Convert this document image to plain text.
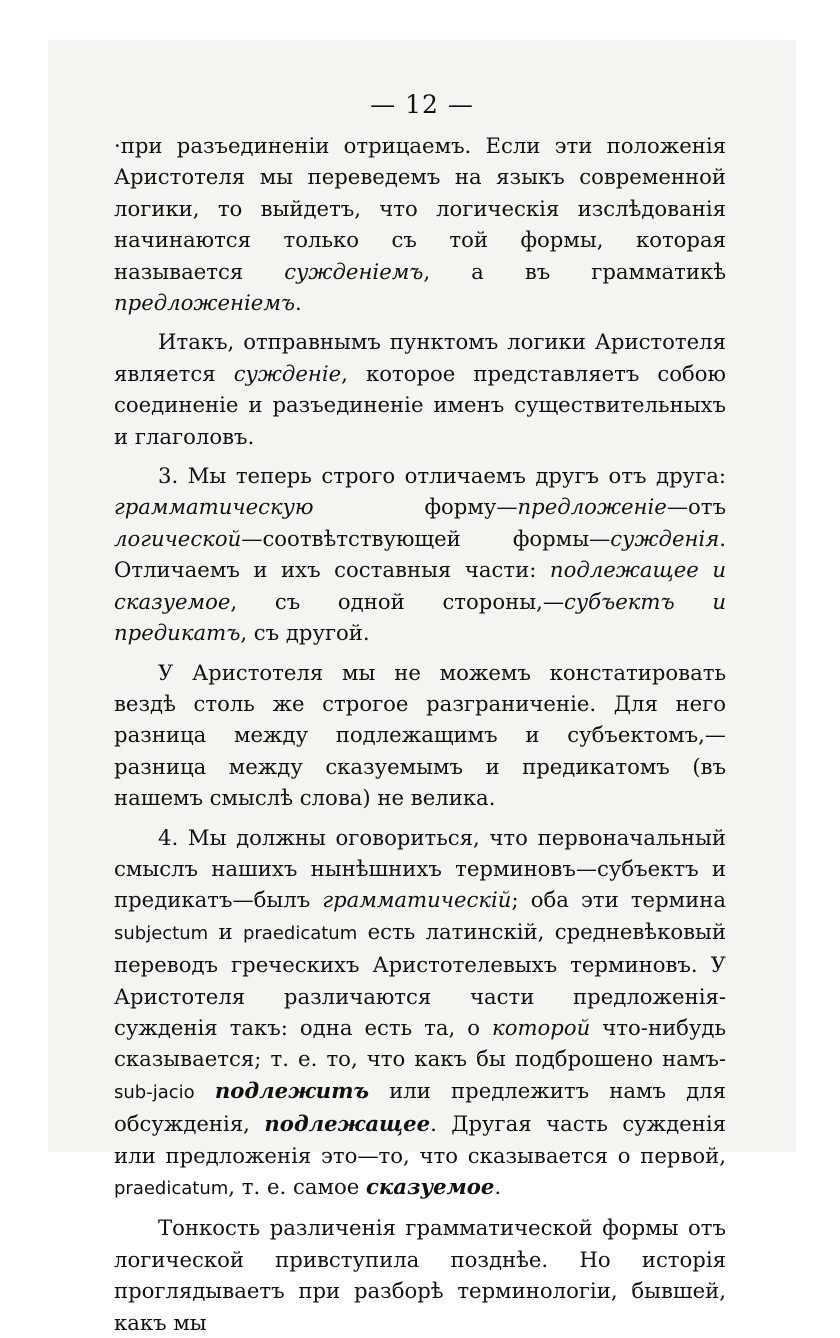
— 12 —

·при разъединенiи отрицаемъ. Если эти положенiя Аристотеля мы переведемъ на языкъ современной логики, то выйдетъ, что логическiя изслѣдованiя начинаются только съ той формы, которая называется сужденiемъ, а въ грамматикѣ предложенiемъ.

Итакъ, отправнымъ пунктомъ логики Аристотеля является сужденiе, которое представляетъ собою соединенiе и разъединенiе именъ существительныхъ и глаголовъ.

3. Мы теперь строго отличаемъ другъ отъ друга: грамматическую форму—предложенiе—отъ логической—соотвѣтствующей формы—сужденiя. Отличаемъ и ихъ составныя части: подлежащее и сказуемое, съ одной стороны,—субъектъ и предикатъ, съ другой.

У Аристотеля мы не можемъ констатировать вездѣ столь же строгое разграниченiе. Для него разница между подлежащимъ и субъектомъ,—разница между сказуемымъ и предикатомъ (въ нашемъ смыслѣ слова) не велика.

4. Мы должны оговориться, что первоначальный смыслъ нашихъ нынѣшнихъ терминовъ—субъектъ и предикатъ—былъ грамматическiй; оба эти термина subjectum и praedicatum есть латинскiй, средневѣковый переводъ греческихъ Аристотелевыхъ терминовъ. У Аристотеля различаются части предложенiя-сужденiя такъ: одна есть та, о которой что-нибудь сказывается; т. е. то, что какъ бы подброшено намъ-sub-jacio подлежитъ или предлежитъ намъ для обсужденiя, подлежащее. Другая часть сужденiя или предложенiя это—то, что сказывается о первой, praedicatum, т. е. самое сказуемое.

Тонкость различенiя грамматической формы отъ логической привступила позднѣе. Но исторiя проглядываетъ при разборѣ терминологiи, бывшей, какъ мы
